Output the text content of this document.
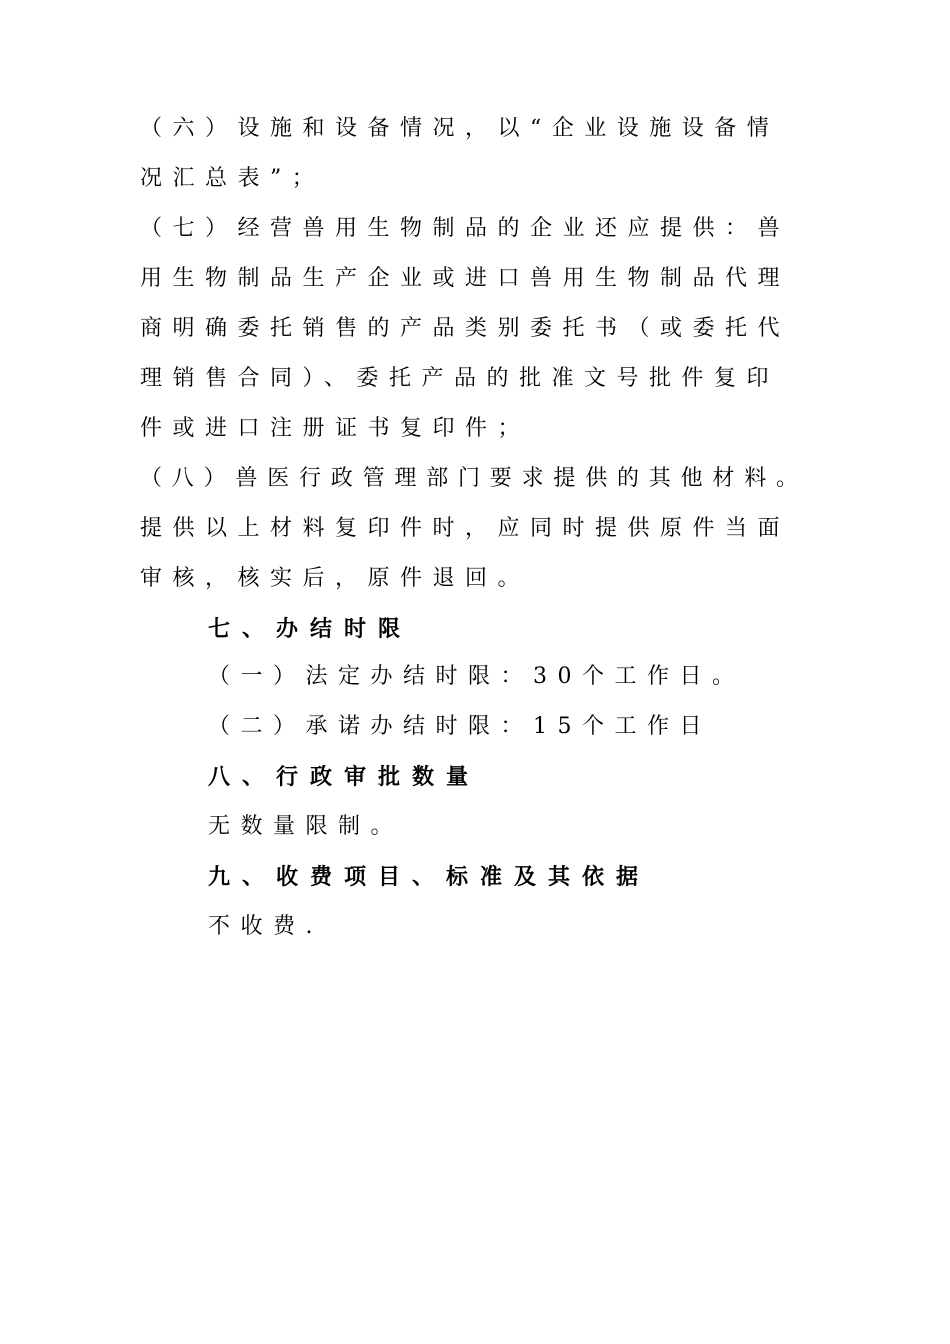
（六）设施和设备情况，以“企业设施设备情
况汇总表”；
（七）经营兽用生物制品的企业还应提供：兽
用生物制品生产企业或进口兽用生物制品代理
商明确委托销售的产品类别委托书（或委托代
理销售合同）、委托产品的批准文号批件复印
件或进口注册证书复印件；
（八）兽医行政管理部门要求提供的其他材料。
提供以上材料复印件时，应同时提供原件当面
审核，核实后，原件退回。
七、办结时限
（一）法定办结时限：30个工作日。
（二）承诺办结时限：15个工作日
八、行政审批数量
无数量限制。
九、收费项目、标准及其依据
不收费.
